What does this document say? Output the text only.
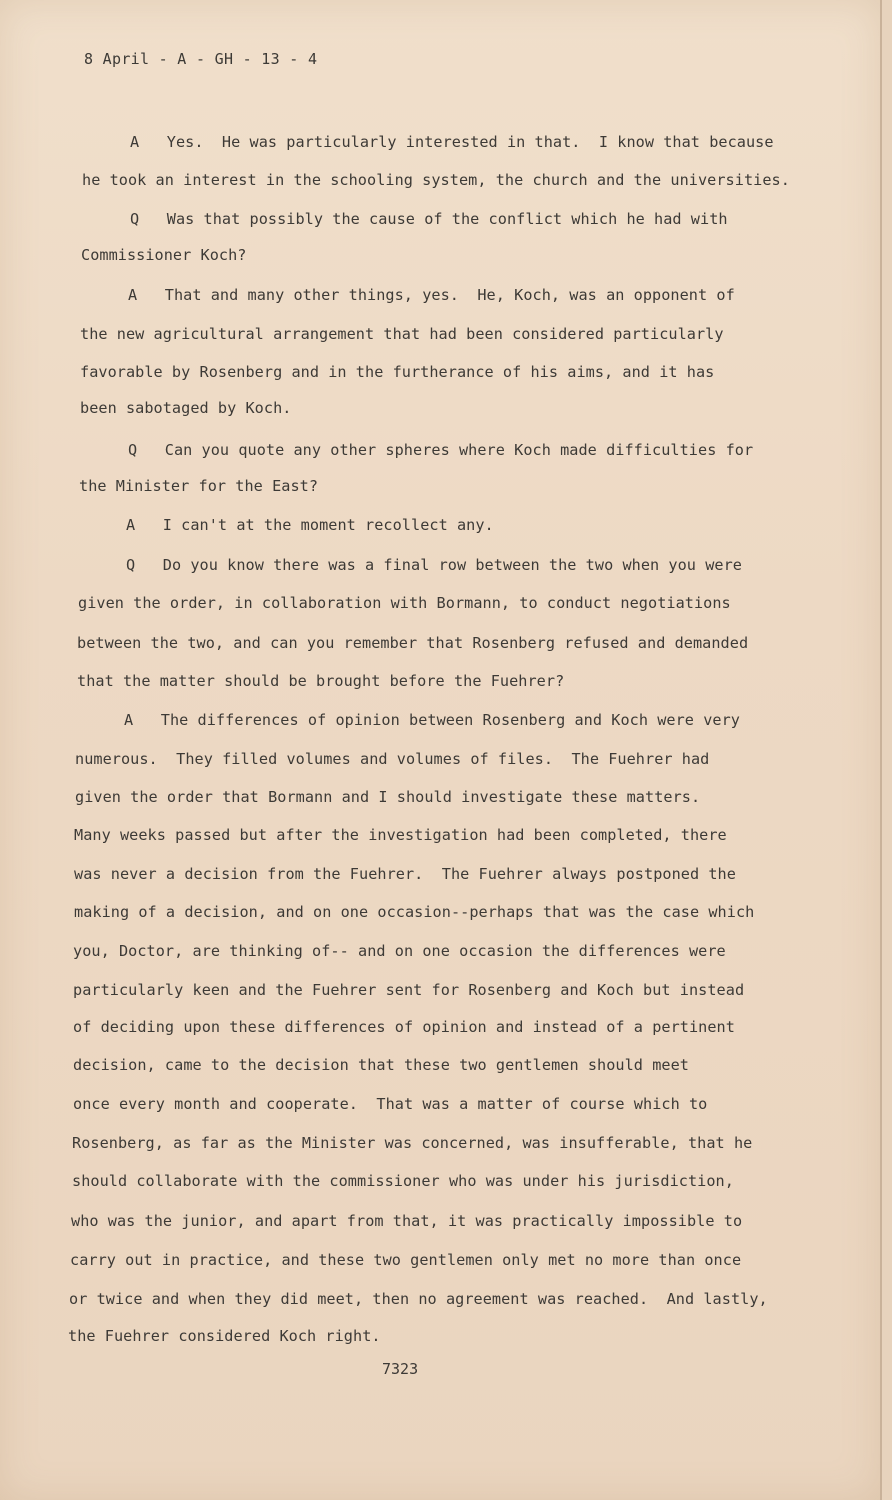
8 April - A - GH - 13 - 4
A   Yes.  He was particularly interested in that.  I know that because
he took an interest in the schooling system, the church and the universities.
Q   Was that possibly the cause of the conflict which he had with
Commissioner Koch?
A   That and many other things, yes.  He, Koch, was an opponent of
the new agricultural arrangement that had been considered particularly
favorable by Rosenberg and in the furtherance of his aims, and it has
been sabotaged by Koch.
Q   Can you quote any other spheres where Koch made difficulties for
the Minister for the East?
A   I can't at the moment recollect any.
Q   Do you know there was a final row between the two when you were
given the order, in collaboration with Bormann, to conduct negotiations
between the two, and can you remember that Rosenberg refused and demanded
that the matter should be brought before the Fuehrer?
A   The differences of opinion between Rosenberg and Koch were very
numerous.  They filled volumes and volumes of files.  The Fuehrer had
given the order that Bormann and I should investigate these matters.
Many weeks passed but after the investigation had been completed, there
was never a decision from the Fuehrer.  The Fuehrer always postponed the
making of a decision, and on one occasion--perhaps that was the case which
you, Doctor, are thinking of-- and on one occasion the differences were
particularly keen and the Fuehrer sent for Rosenberg and Koch but instead
of deciding upon these differences of opinion and instead of a pertinent
decision, came to the decision that these two gentlemen should meet
once every month and cooperate.  That was a matter of course which to
Rosenberg, as far as the Minister was concerned, was insufferable, that he
should collaborate with the commissioner who was under his jurisdiction,
who was the junior, and apart from that, it was practically impossible to
carry out in practice, and these two gentlemen only met no more than once
or twice and when they did meet, then no agreement was reached.  And lastly,
the Fuehrer considered Koch right.
7323
